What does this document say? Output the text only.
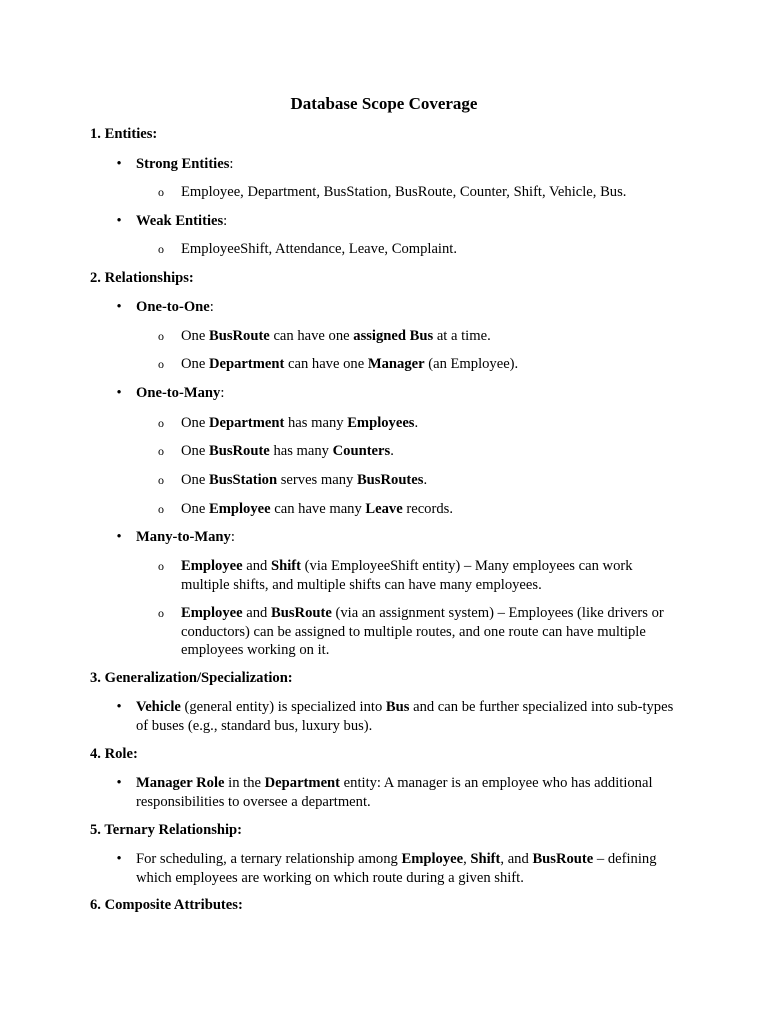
Database Scope Coverage
1. Entities:
• Strong Entities:
o Employee, Department, BusStation, BusRoute, Counter, Shift, Vehicle, Bus.
• Weak Entities:
o EmployeeShift, Attendance, Leave, Complaint.
2. Relationships:
• One-to-One:
o One BusRoute can have one assigned Bus at a time.
o One Department can have one Manager (an Employee).
• One-to-Many:
o One Department has many Employees.
o One BusRoute has many Counters.
o One BusStation serves many BusRoutes.
o One Employee can have many Leave records.
• Many-to-Many:
o Employee and Shift (via EmployeeShift entity) – Many employees can work multiple shifts, and multiple shifts can have many employees.
o Employee and BusRoute (via an assignment system) – Employees (like drivers or conductors) can be assigned to multiple routes, and one route can have multiple employees working on it.
3. Generalization/Specialization:
• Vehicle (general entity) is specialized into Bus and can be further specialized into sub-types of buses (e.g., standard bus, luxury bus).
4. Role:
• Manager Role in the Department entity: A manager is an employee who has additional responsibilities to oversee a department.
5. Ternary Relationship:
• For scheduling, a ternary relationship among Employee, Shift, and BusRoute – defining which employees are working on which route during a given shift.
6. Composite Attributes:
